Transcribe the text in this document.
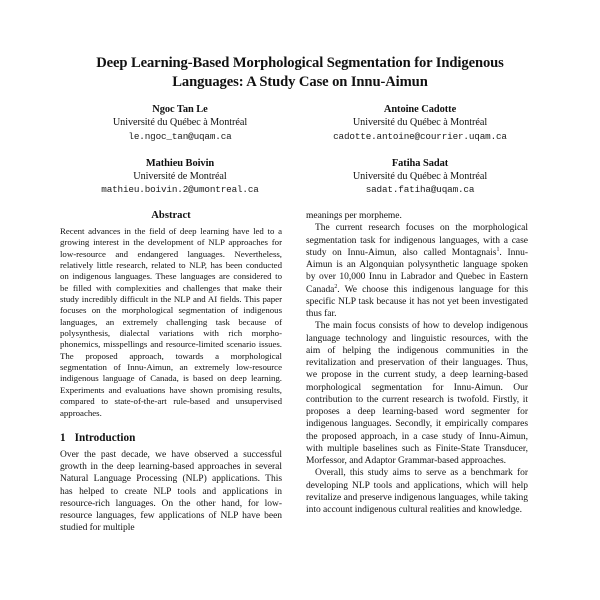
Deep Learning-Based Morphological Segmentation for Indigenous Languages: A Study Case on Innu-Aimun
Ngoc Tan Le
Université du Québec à Montréal
le.ngoc_tan@uqam.ca
Antoine Cadotte
Université du Québec à Montréal
cadotte.antoine@courrier.uqam.ca
Mathieu Boivin
Université de Montréal
mathieu.boivin.2@umontreal.ca
Fatiha Sadat
Université du Québec à Montréal
sadat.fatiha@uqam.ca
Abstract

Recent advances in the field of deep learning have led to a growing interest in the development of NLP approaches for low-resource and endangered languages. Nevertheless, relatively little research, related to NLP, has been conducted on indigenous languages. These languages are considered to be filled with complexities and challenges that make their study incredibly difficult in the NLP and AI fields. This paper focuses on the morphological segmentation of indigenous languages, an extremely challenging task because of polysynthesis, dialectal variations with rich morpho-phonemics, misspellings and resource-limited scenario issues. The proposed approach, towards a morphological segmentation of Innu-Aimun, an extremely low-resource indigenous language of Canada, is based on deep learning. Experiments and evaluations have shown promising results, compared to state-of-the-art rule-based and unsupervised approaches.

1 Introduction

Over the past decade, we have observed a successful growth in the deep learning-based approaches in several Natural Language Processing (NLP) applications. This has helped to create NLP tools and applications in resource-rich languages. On the other hand, for low-resource languages, few applications of NLP have been studied for multiple

meanings per morpheme.

The current research focuses on the morphological segmentation task for indigenous languages, with a case study on Innu-Aimun, also called Montagnais$^1$. Innu-Aimun is an Algonquian polysynthetic language spoken by over 10,000 Innu in Labrador and Quebec in Eastern Canada$^2$. We choose this indigenous language for this specific NLP task because it has not yet been investigated thus far.

The main focus consists of how to develop indigenous language technology and linguistic resources, with the aim of helping the indigenous communities in the revitalization and preservation of their languages. Thus, we propose in the current study, a deep learning-based morphological segmentation for Innu-Aimun. Our contribution to the current research is twofold. Firstly, it proposes a deep learning-based word segmenter for indigenous languages. Secondly, it empirically compares the proposed approach, in a case study of Innu-Aimun, with multiple baselines such as Finite-State Transducer, Morfessor, and Adaptor Grammar-based approaches.

Overall, this study aims to serve as a benchmark for developing NLP tools and applications, which will help revitalize and preserve indigenous languages, while taking into account indigenous cultural realities and knowledge.
